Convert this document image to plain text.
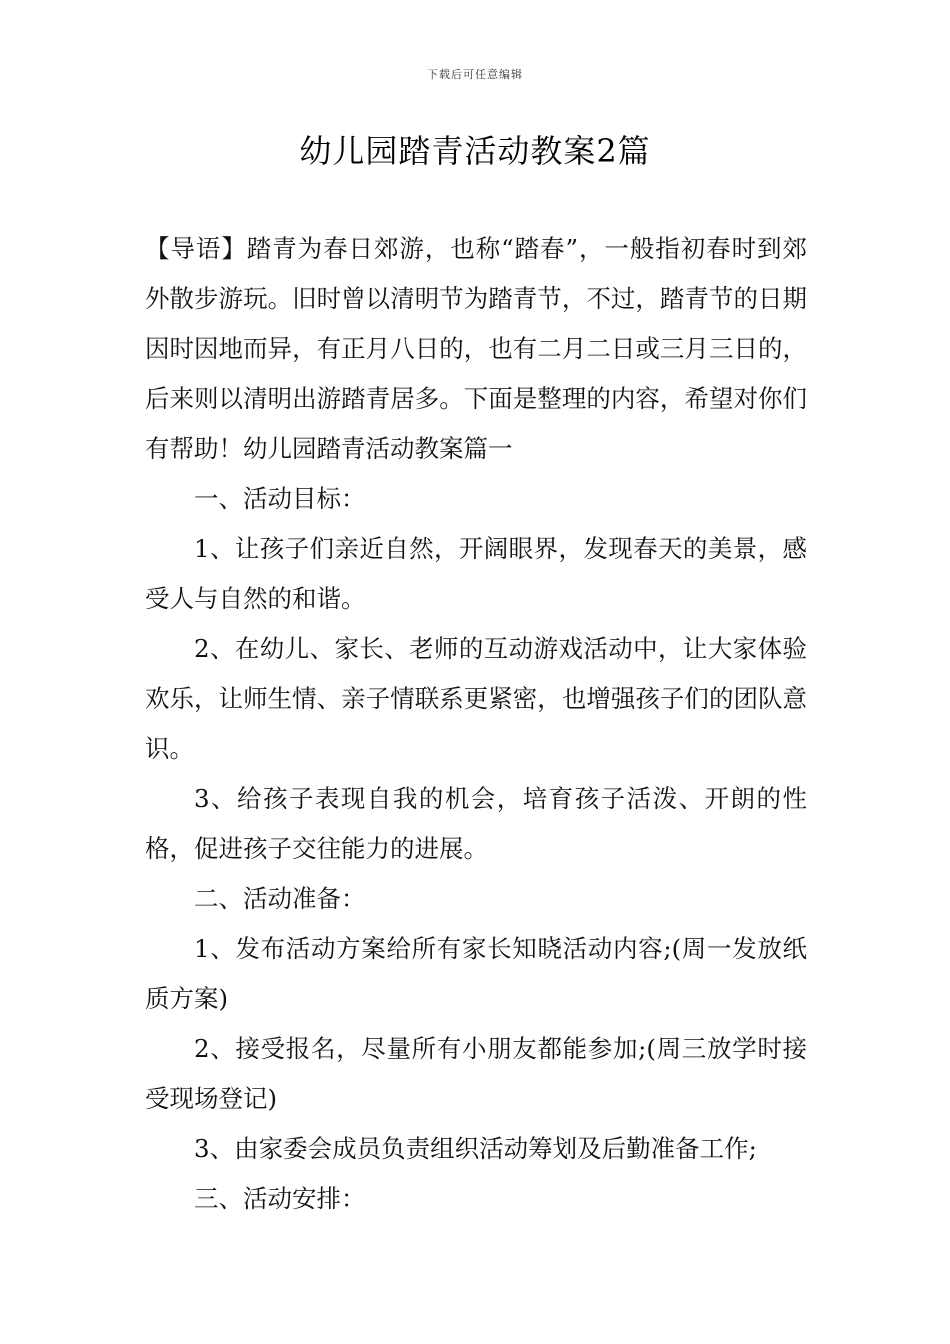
下载后可任意编辑
幼儿园踏青活动教案2篇

【导语】踏青为春日郊游，也称“踏春”，一般指初春时到郊外散步游玩。旧时曾以清明节为踏青节，不过，踏青节的日期因时因地而异，有正月八日的，也有二月二日或三月三日的，后来则以清明出游踏青居多。下面是整理的内容，希望对你们有帮助！幼儿园踏青活动教案篇一

一、活动目标：

1、让孩子们亲近自然，开阔眼界，发现春天的美景，感受人与自然的和谐。

2、在幼儿、家长、老师的互动游戏活动中，让大家体验欢乐，让师生情、亲子情联系更紧密，也增强孩子们的团队意识。

3、给孩子表现自我的机会，培育孩子活泼、开朗的性格，促进孩子交往能力的进展。

二、活动准备：

1、发布活动方案给所有家长知晓活动内容;(周一发放纸质方案)

2、接受报名，尽量所有小朋友都能参加;(周三放学时接受现场登记)

3、由家委会成员负责组织活动筹划及后勤准备工作;

三、活动安排：
